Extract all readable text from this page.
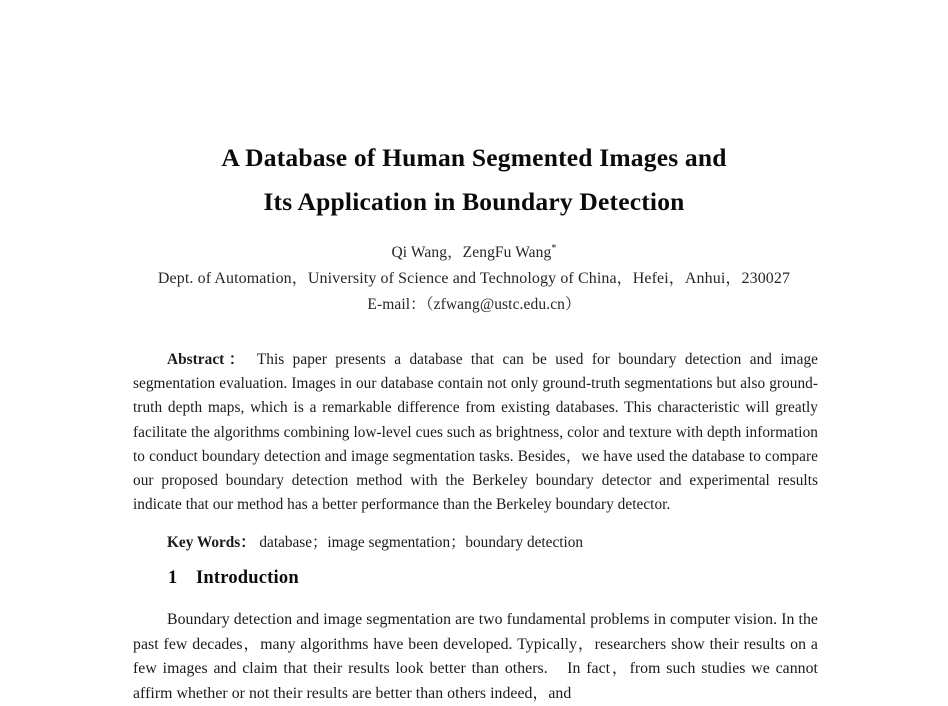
A Database of Human Segmented Images and
Its Application in Boundary Detection
Qi Wang，ZengFu Wang*
Dept. of Automation，University of Science and Technology of China，Hefei，Anhui，230027
E-mail：（zfwang@ustc.edu.cn）

Abstract： This paper presents a database that can be used for boundary detection and image segmentation evaluation. Images in our database contain not only ground-truth segmentations but also ground-truth depth maps, which is a remarkable difference from existing databases. This characteristic will greatly facilitate the algorithms combining low-level cues such as brightness, color and texture with depth information to conduct boundary detection and image segmentation tasks. Besides，we have used the database to compare our proposed boundary detection method with the Berkeley boundary detector and experimental results indicate that our method has a better performance than the Berkeley boundary detector.

Key Words： database；image segmentation；boundary detection

1 Introduction

Boundary detection and image segmentation are two fundamental problems in computer vision. In the past few decades，many algorithms have been developed. Typically，researchers show their results on a few images and claim that their results look better than others.　In fact，from such studies we cannot affirm whether or not their results are better than others indeed，and
